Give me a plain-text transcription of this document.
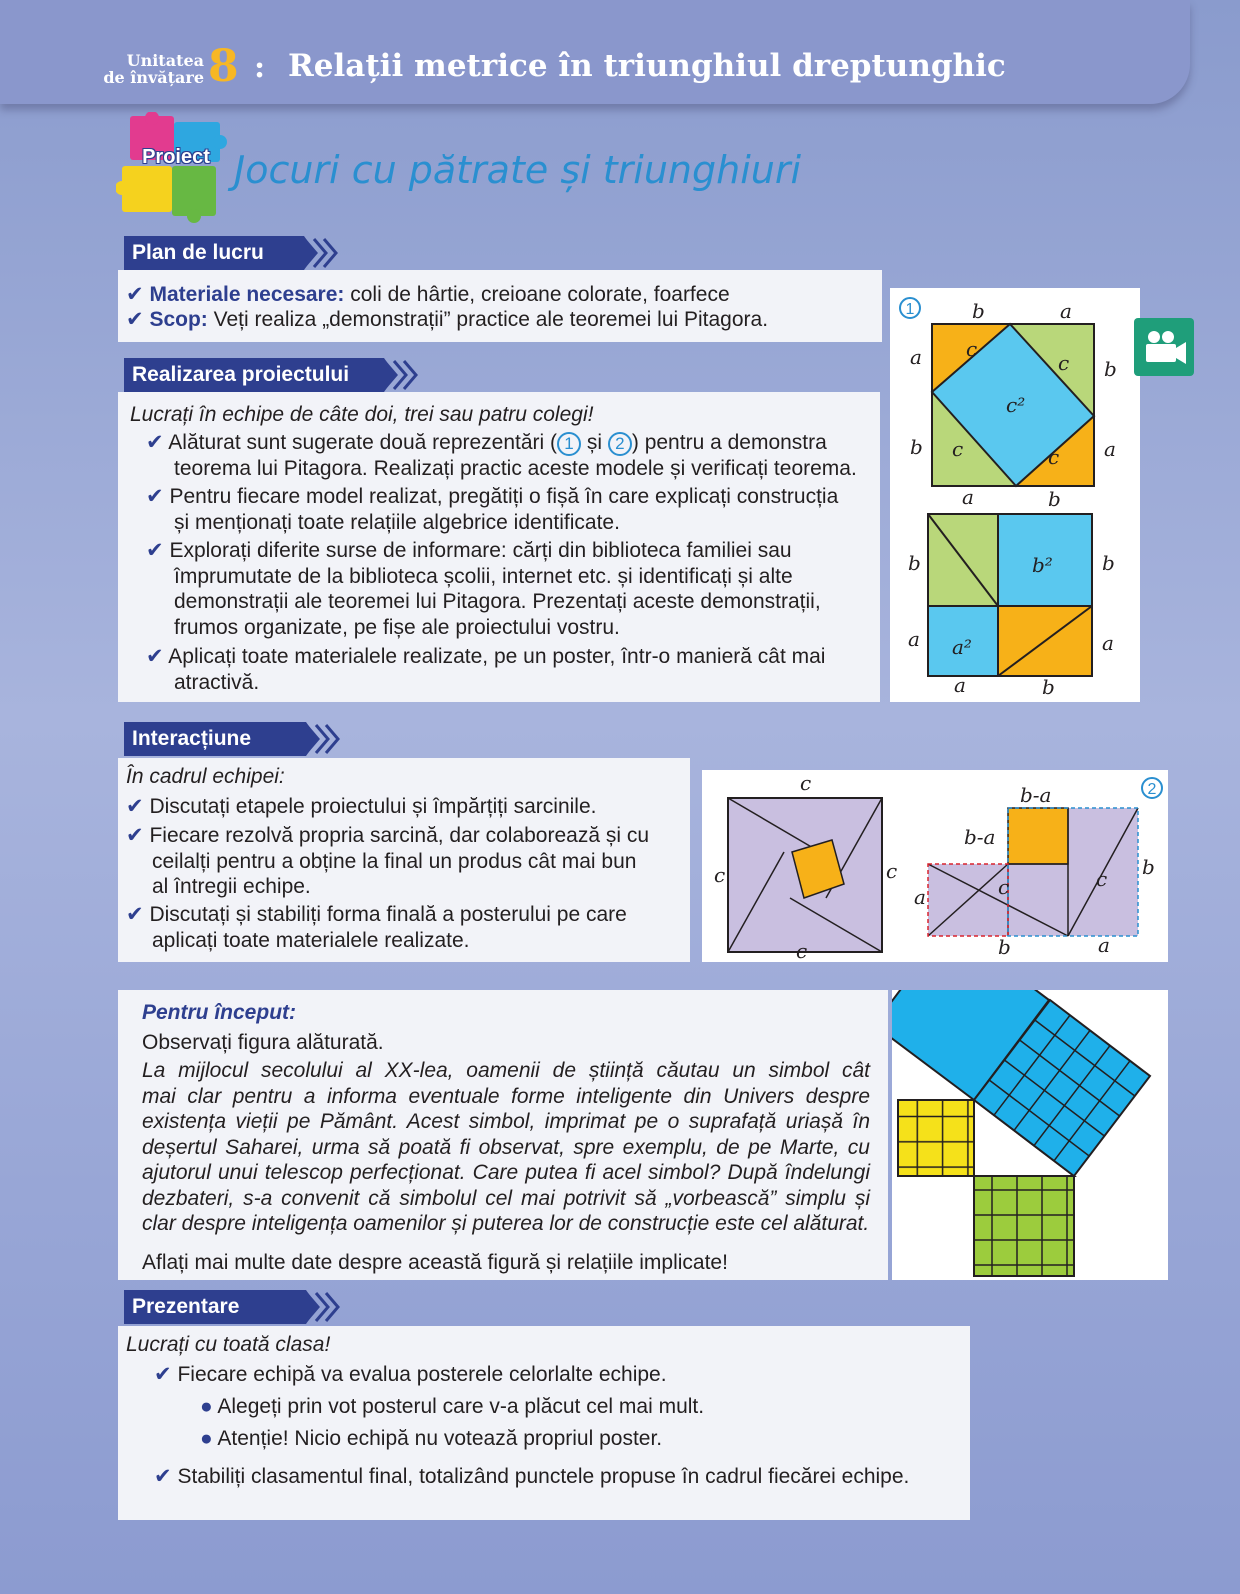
Unitatea
de învățare 8 : Relații metrice în triunghiul dreptunghic
Proiect Jocuri cu pătrate și triunghiuri
Plan de lucru
✔ Materiale necesare: coli de hârtie, creioane colorate, foarfece
✔ Scop: Veți realiza „demonstrații” practice ale teoremei lui Pitagora.
Realizarea proiectului
Lucrați în echipe de câte doi, trei sau patru colegi!
✔ Alăturat sunt sugerate două reprezentări ( 1 și 2 ) pentru a demonstra
teorema lui Pitagora. Realizați practic aceste modele și verificați teorema.
✔ Pentru fiecare model realizat, pregătiți o fișă în care explicați construcția
și menționați toate relațiile algebrice identificate.
✔ Explorați diferite surse de informare: cărți din biblioteca familiei sau
împrumutate de la biblioteca școlii, internet etc. și identificați și alte
demonstrații ale teoremei lui Pitagora. Prezentați aceste demonstrații,
frumos organizate, pe fișe ale proiectului vostru.
✔ Aplicați toate materialele realizate, pe un poster, într-o manieră cât mai
atractivă.
1	b	a
a
b
b
a
a	b
c
c
c	c
c²
b
a
b
a
a	b
b²
a²
Interacțiune
În cadrul echipei:
✔ Discutați etapele proiectului și împărțiți sarcinile.
✔ Fiecare rezolvă propria sarcină, dar colaborează și cu
ceilalți pentru a obține la final un produs cât mai bun
al întregii echipe.
✔ Discutați și stabiliți forma finală a posterului pe care
aplicați toate materialele realizate.
c
c	c
c
2
b-a
b-a
a	c	c b
b	a
Pentru început:
Observați figura alăturată.
La mijlocul secolului al XX-lea, oamenii de știință căutau un simbol cât
mai clar pentru a informa eventuale forme inteligente din Univers despre
existența vieții pe Pământ. Acest simbol, imprimat pe o suprafață uriașă în
deșertul Saharei, urma să poată fi observat, spre exemplu, de pe Marte, cu
ajutorul unui telescop perfecționat. Care putea fi acel simbol? După îndelungi
dezbateri, s-a convenit că simbolul cel mai potrivit să „vorbească” simplu și
clar despre inteligența oamenilor și puterea lor de construcție este cel alăturat.
Aflați mai multe date despre această figură și relațiile implicate!
Prezentare
Lucrați cu toată clasa!
✔ Fiecare echipă va evalua posterele celorlalte echipe.
● Alegeți prin vot posterul care v-a plăcut cel mai mult.
● Atenție! Nicio echipă nu votează propriul poster.
✔ Stabiliți clasamentul final, totalizând punctele propuse în cadrul fiecărei echipe.
